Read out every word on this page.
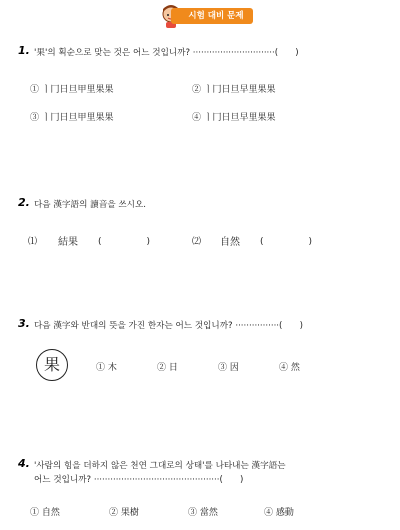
시험 대비 문제
1. '果'의 획순으로 맞는 것은 어느 것입니까? ······························(　　)
① ㅣ冂日旦甲里果果	② ㅣ冂日旦早里果果
③ ㅣ冂日旦甲里果果	④ ㅣ冂日旦早里果果
2. 다음 漢字語의 讀音을 쓰시오.
⑴ 結果 (　　　　　)	⑵ 自然 (　　　　　)
3. 다음 漢字와 반대의 뜻을 가진 한자는 어느 것입니까? ················(　　)
果	① 木	② 日	③ 因	④ 然
4. '사람의 힘을 더하지 않은 천연 그대로의 상태'를 나타내는 漢字語는
어느 것입니까? ··············································(　　)
① 自然	② 果樹	③ 當然	④ 感動
